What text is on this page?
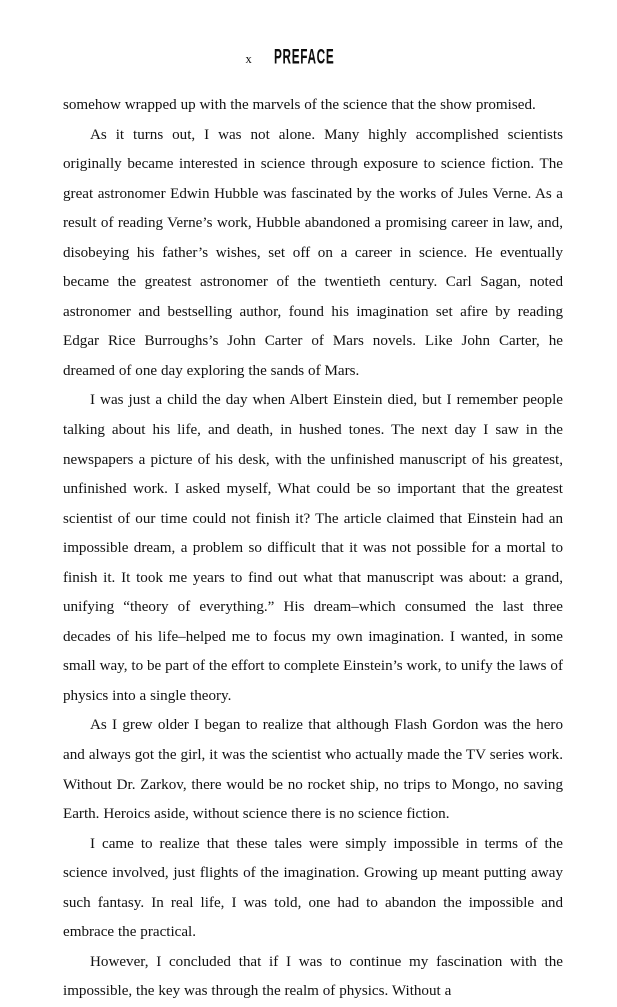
x PREFACE

somehow wrapped up with the marvels of the science that the show promised.

As it turns out, I was not alone. Many highly accomplished scientists originally became interested in science through exposure to science fiction. The great astronomer Edwin Hubble was fascinated by the works of Jules Verne. As a result of reading Verne’s work, Hubble abandoned a promising career in law, and, disobeying his father’s wishes, set off on a career in science. He eventually became the greatest astronomer of the twentieth century. Carl Sagan, noted astronomer and bestselling author, found his imagination set afire by reading Edgar Rice Burroughs’s John Carter of Mars novels. Like John Carter, he dreamed of one day exploring the sands of Mars.

I was just a child the day when Albert Einstein died, but I remember people talking about his life, and death, in hushed tones. The next day I saw in the newspapers a picture of his desk, with the unfinished manuscript of his greatest, unfinished work. I asked myself, What could be so important that the greatest scientist of our time could not finish it? The article claimed that Einstein had an impossible dream, a problem so difficult that it was not possible for a mortal to finish it. It took me years to find out what that manuscript was about: a grand, unifying “theory of everything.” His dream–which consumed the last three decades of his life–helped me to focus my own imagination. I wanted, in some small way, to be part of the effort to complete Einstein’s work, to unify the laws of physics into a single theory.

As I grew older I began to realize that although Flash Gordon was the hero and always got the girl, it was the scientist who actually made the TV series work. Without Dr. Zarkov, there would be no rocket ship, no trips to Mongo, no saving Earth. Heroics aside, without science there is no science fiction.

I came to realize that these tales were simply impossible in terms of the science involved, just flights of the imagination. Growing up meant putting away such fantasy. In real life, I was told, one had to abandon the impossible and embrace the practical.

However, I concluded that if I was to continue my fascination with the impossible, the key was through the realm of physics. Without a
